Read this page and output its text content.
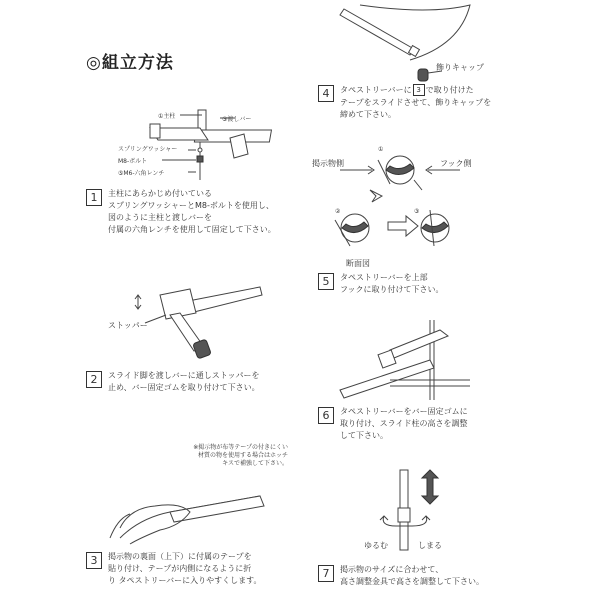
◎組立方法
①主柱	③渡しバー
スプリングワッシャー
M8-ボルト
⑤M6-六角レンチ
1	主柱にあらかじめ付いている
スプリングワッシャーとM8-ボルトを使用し、
図のように主柱と渡しバーを
付属の六角レンチを使用して固定して下さい。
ストッパー
2	スライド脚を渡しバーに通しストッパーを
止め、バー固定ゴムを取り付けて下さい。
※掲示物が布等テープの付きにくい
材質の物を使用する場合はホッチ
キスで補強して下さい。
3	掲示物の裏面（上下）に付属のテープを
貼り付け、テープが内側になるように折
り タペストリーバーに入りやすくします。
飾りキャップ
4	タペストリーバーに 3 で取り付けた
テープをスライドさせて、飾りキャップを
締めて下さい。
掲示物側	フック側
①
②	③
断面図
5	タペストリーバーを上部
フックに取り付けて下さい。
6	タペストリーバーをバー固定ゴムに
取り付け、スライド柱の高さを調整
して下さい。
ゆるむ	しまる
7	掲示物のサイズに合わせて、
高さ調整金具で高さを調整して下さい。
